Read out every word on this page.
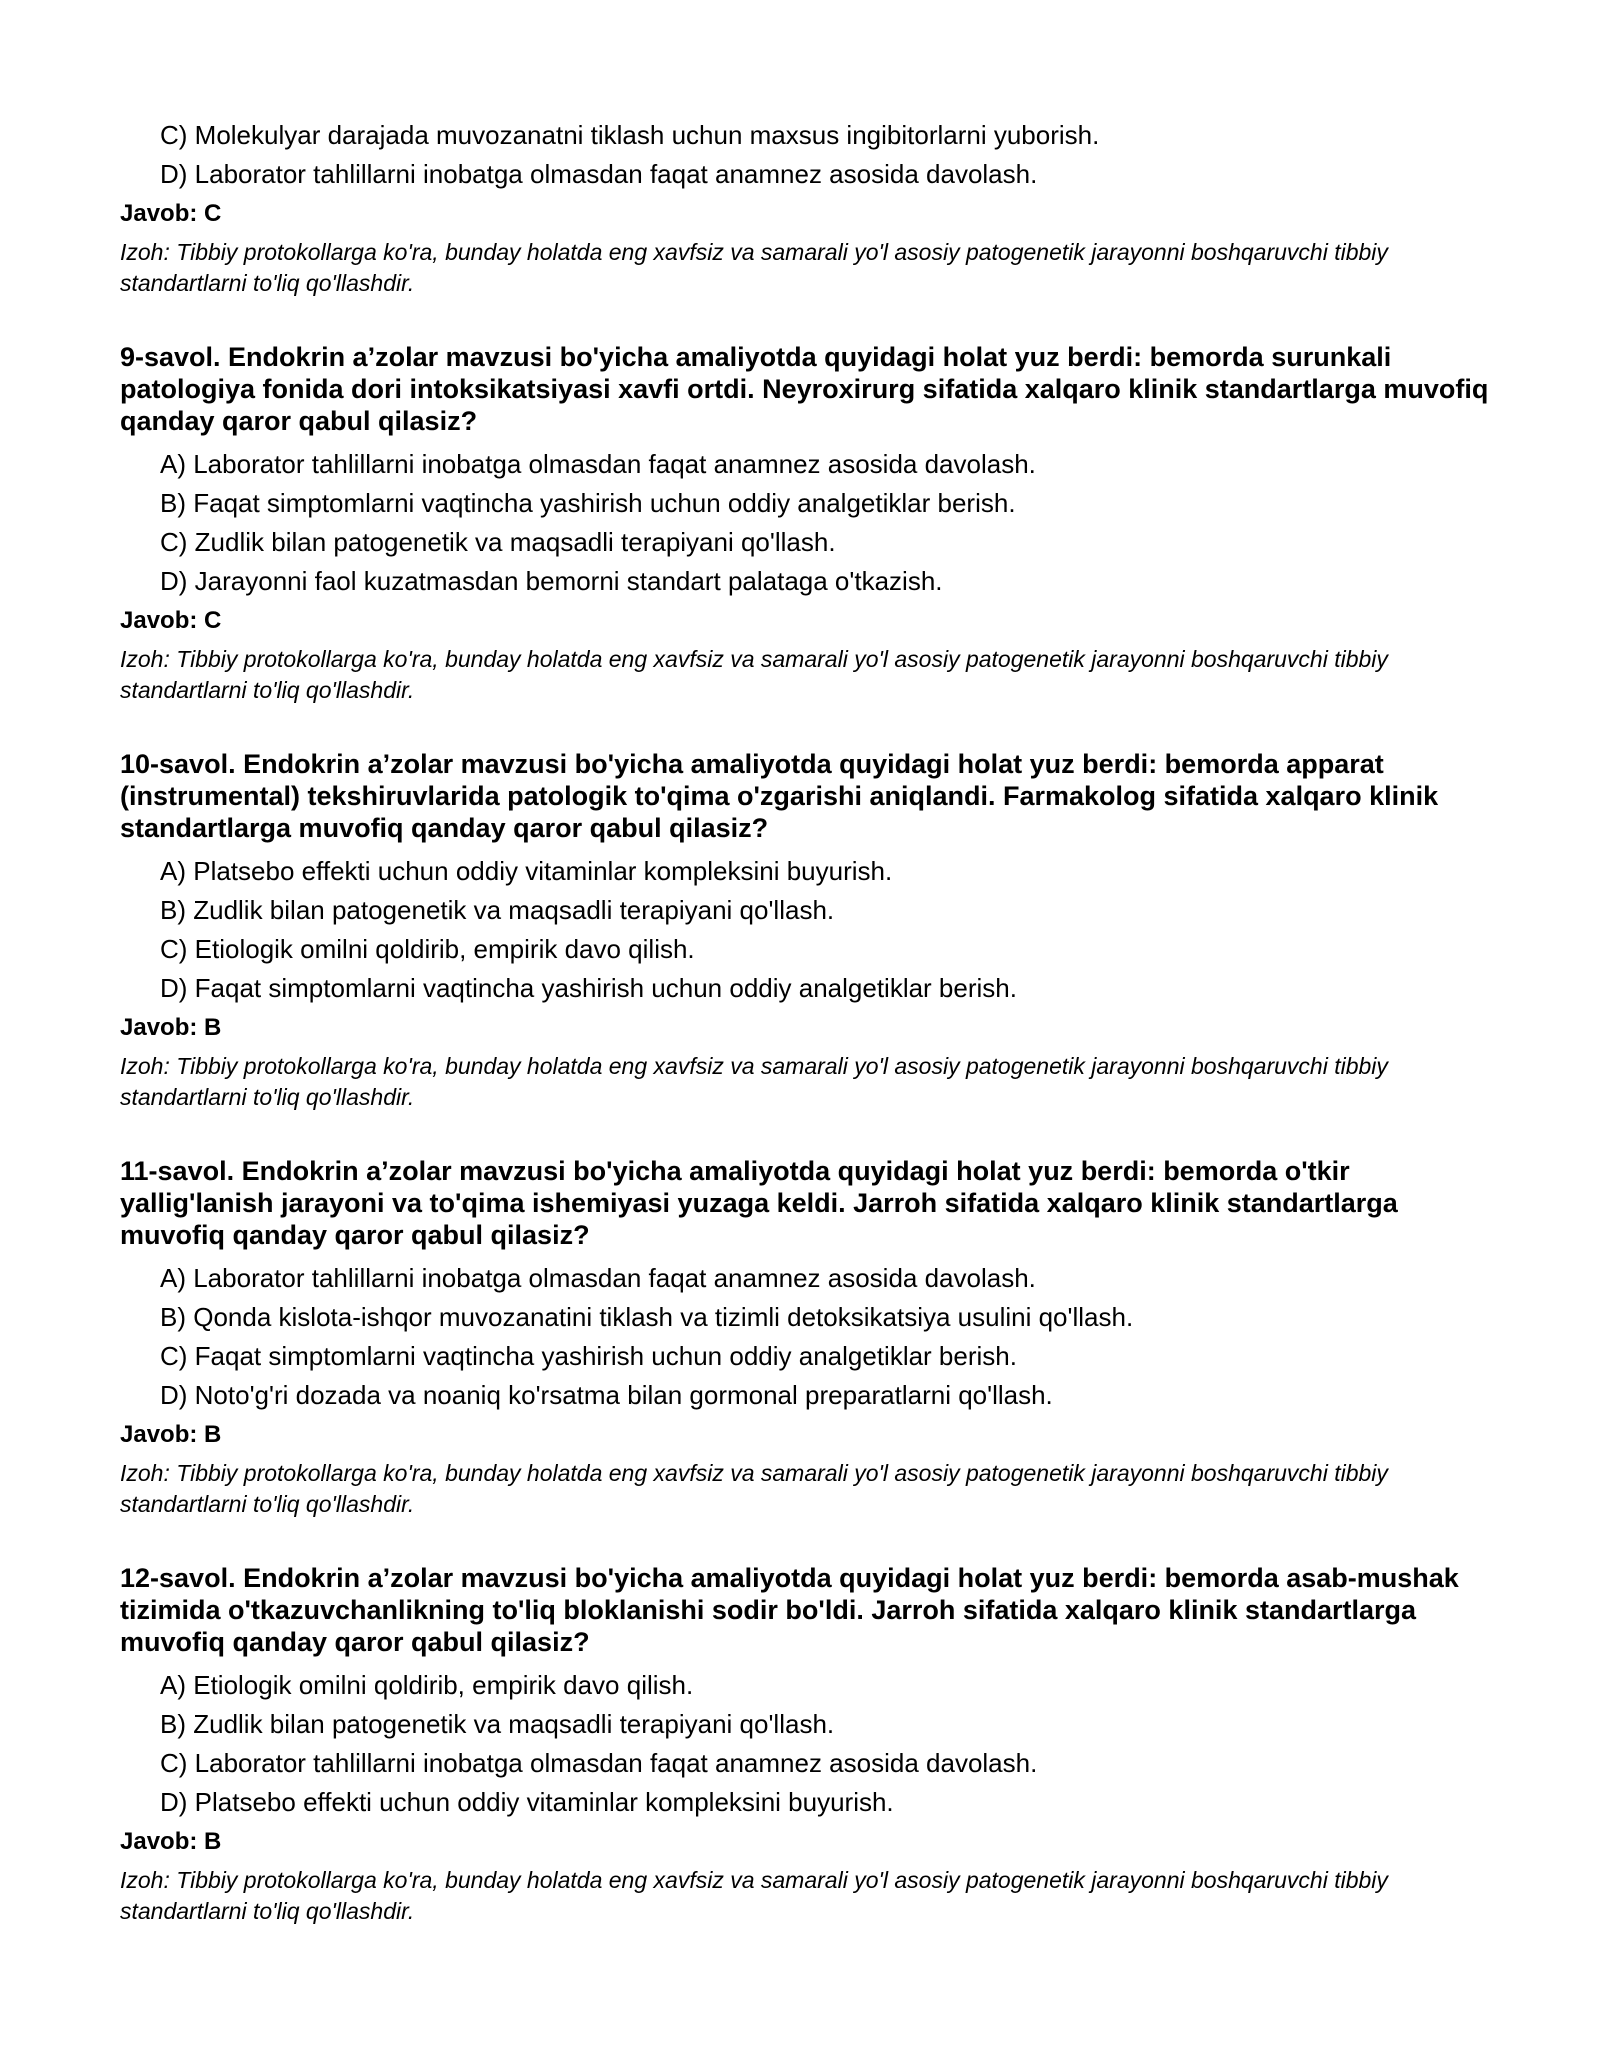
C) Molekulyar darajada muvozanatni tiklash uchun maxsus ingibitorlarni yuborish.
D) Laborator tahlillarni inobatga olmasdan faqat anamnez asosida davolash.
Javob: C
Izoh: Tibbiy protokollarga ko'ra, bunday holatda eng xavfsiz va samarali yo'l asosiy patogenetik jarayonni boshqaruvchi tibbiy standartlarni to'liq qo'llashdir.
9-savol. Endokrin a’zolar mavzusi bo'yicha amaliyotda quyidagi holat yuz berdi: bemorda surunkali patologiya fonida dori intoksikatsiyasi xavfi ortdi. Neyroxirurg sifatida xalqaro klinik standartlarga muvofiq qanday qaror qabul qilasiz?
A) Laborator tahlillarni inobatga olmasdan faqat anamnez asosida davolash.
B) Faqat simptomlarni vaqtincha yashirish uchun oddiy analgetiklar berish.
C) Zudlik bilan patogenetik va maqsadli terapiyani qo'llash.
D) Jarayonni faol kuzatmasdan bemorni standart palataga o'tkazish.
Javob: C
Izoh: Tibbiy protokollarga ko'ra, bunday holatda eng xavfsiz va samarali yo'l asosiy patogenetik jarayonni boshqaruvchi tibbiy standartlarni to'liq qo'llashdir.
10-savol. Endokrin a’zolar mavzusi bo'yicha amaliyotda quyidagi holat yuz berdi: bemorda apparat (instrumental) tekshiruvlarida patologik to'qima o'zgarishi aniqlandi. Farmakolog sifatida xalqaro klinik standartlarga muvofiq qanday qaror qabul qilasiz?
A) Platsebo effekti uchun oddiy vitaminlar kompleksini buyurish.
B) Zudlik bilan patogenetik va maqsadli terapiyani qo'llash.
C) Etiologik omilni qoldirib, empirik davo qilish.
D) Faqat simptomlarni vaqtincha yashirish uchun oddiy analgetiklar berish.
Javob: B
Izoh: Tibbiy protokollarga ko'ra, bunday holatda eng xavfsiz va samarali yo'l asosiy patogenetik jarayonni boshqaruvchi tibbiy standartlarni to'liq qo'llashdir.
11-savol. Endokrin a’zolar mavzusi bo'yicha amaliyotda quyidagi holat yuz berdi: bemorda o'tkir yallig'lanish jarayoni va to'qima ishemiyasi yuzaga keldi. Jarroh sifatida xalqaro klinik standartlarga muvofiq qanday qaror qabul qilasiz?
A) Laborator tahlillarni inobatga olmasdan faqat anamnez asosida davolash.
B) Qonda kislota-ishqor muvozanatini tiklash va tizimli detoksikatsiya usulini qo'llash.
C) Faqat simptomlarni vaqtincha yashirish uchun oddiy analgetiklar berish.
D) Noto'g'ri dozada va noaniq ko'rsatma bilan gormonal preparatlarni qo'llash.
Javob: B
Izoh: Tibbiy protokollarga ko'ra, bunday holatda eng xavfsiz va samarali yo'l asosiy patogenetik jarayonni boshqaruvchi tibbiy standartlarni to'liq qo'llashdir.
12-savol. Endokrin a’zolar mavzusi bo'yicha amaliyotda quyidagi holat yuz berdi: bemorda asab-mushak tizimida o'tkazuvchanlikning to'liq bloklanishi sodir bo'ldi. Jarroh sifatida xalqaro klinik standartlarga muvofiq qanday qaror qabul qilasiz?
A) Etiologik omilni qoldirib, empirik davo qilish.
B) Zudlik bilan patogenetik va maqsadli terapiyani qo'llash.
C) Laborator tahlillarni inobatga olmasdan faqat anamnez asosida davolash.
D) Platsebo effekti uchun oddiy vitaminlar kompleksini buyurish.
Javob: B
Izoh: Tibbiy protokollarga ko'ra, bunday holatda eng xavfsiz va samarali yo'l asosiy patogenetik jarayonni boshqaruvchi tibbiy standartlarni to'liq qo'llashdir.
